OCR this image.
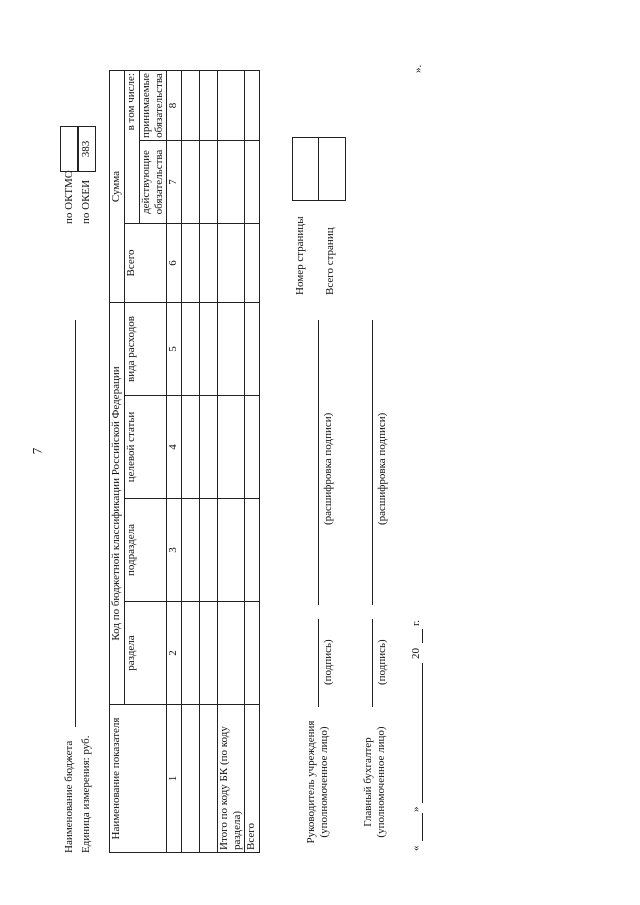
7
Наименование бюджета Единица измерения: руб.
по ОКТМО по ОКЕИ
383
Наименование показателя	Код по бюджетной классификации Российской Федерации				Сумма		
	раздела	подраздела	целевой статьи	вида расходов	Всего	в том числе:	
						действующие обязательства	принимаемые обязательства
1	2	3	4	5	6	7	8

Итого по коду БК (по коду раздела)							
Всего							
Номер страницы Всего страниц
Руководитель учреждения (уполномоченное лицо)
(подпись)
(расшифровка подписи)
Главный бухгалтер (уполномоченное лицо)
(подпись)
(расшифровка подписи)
«
»
20
г.
».
